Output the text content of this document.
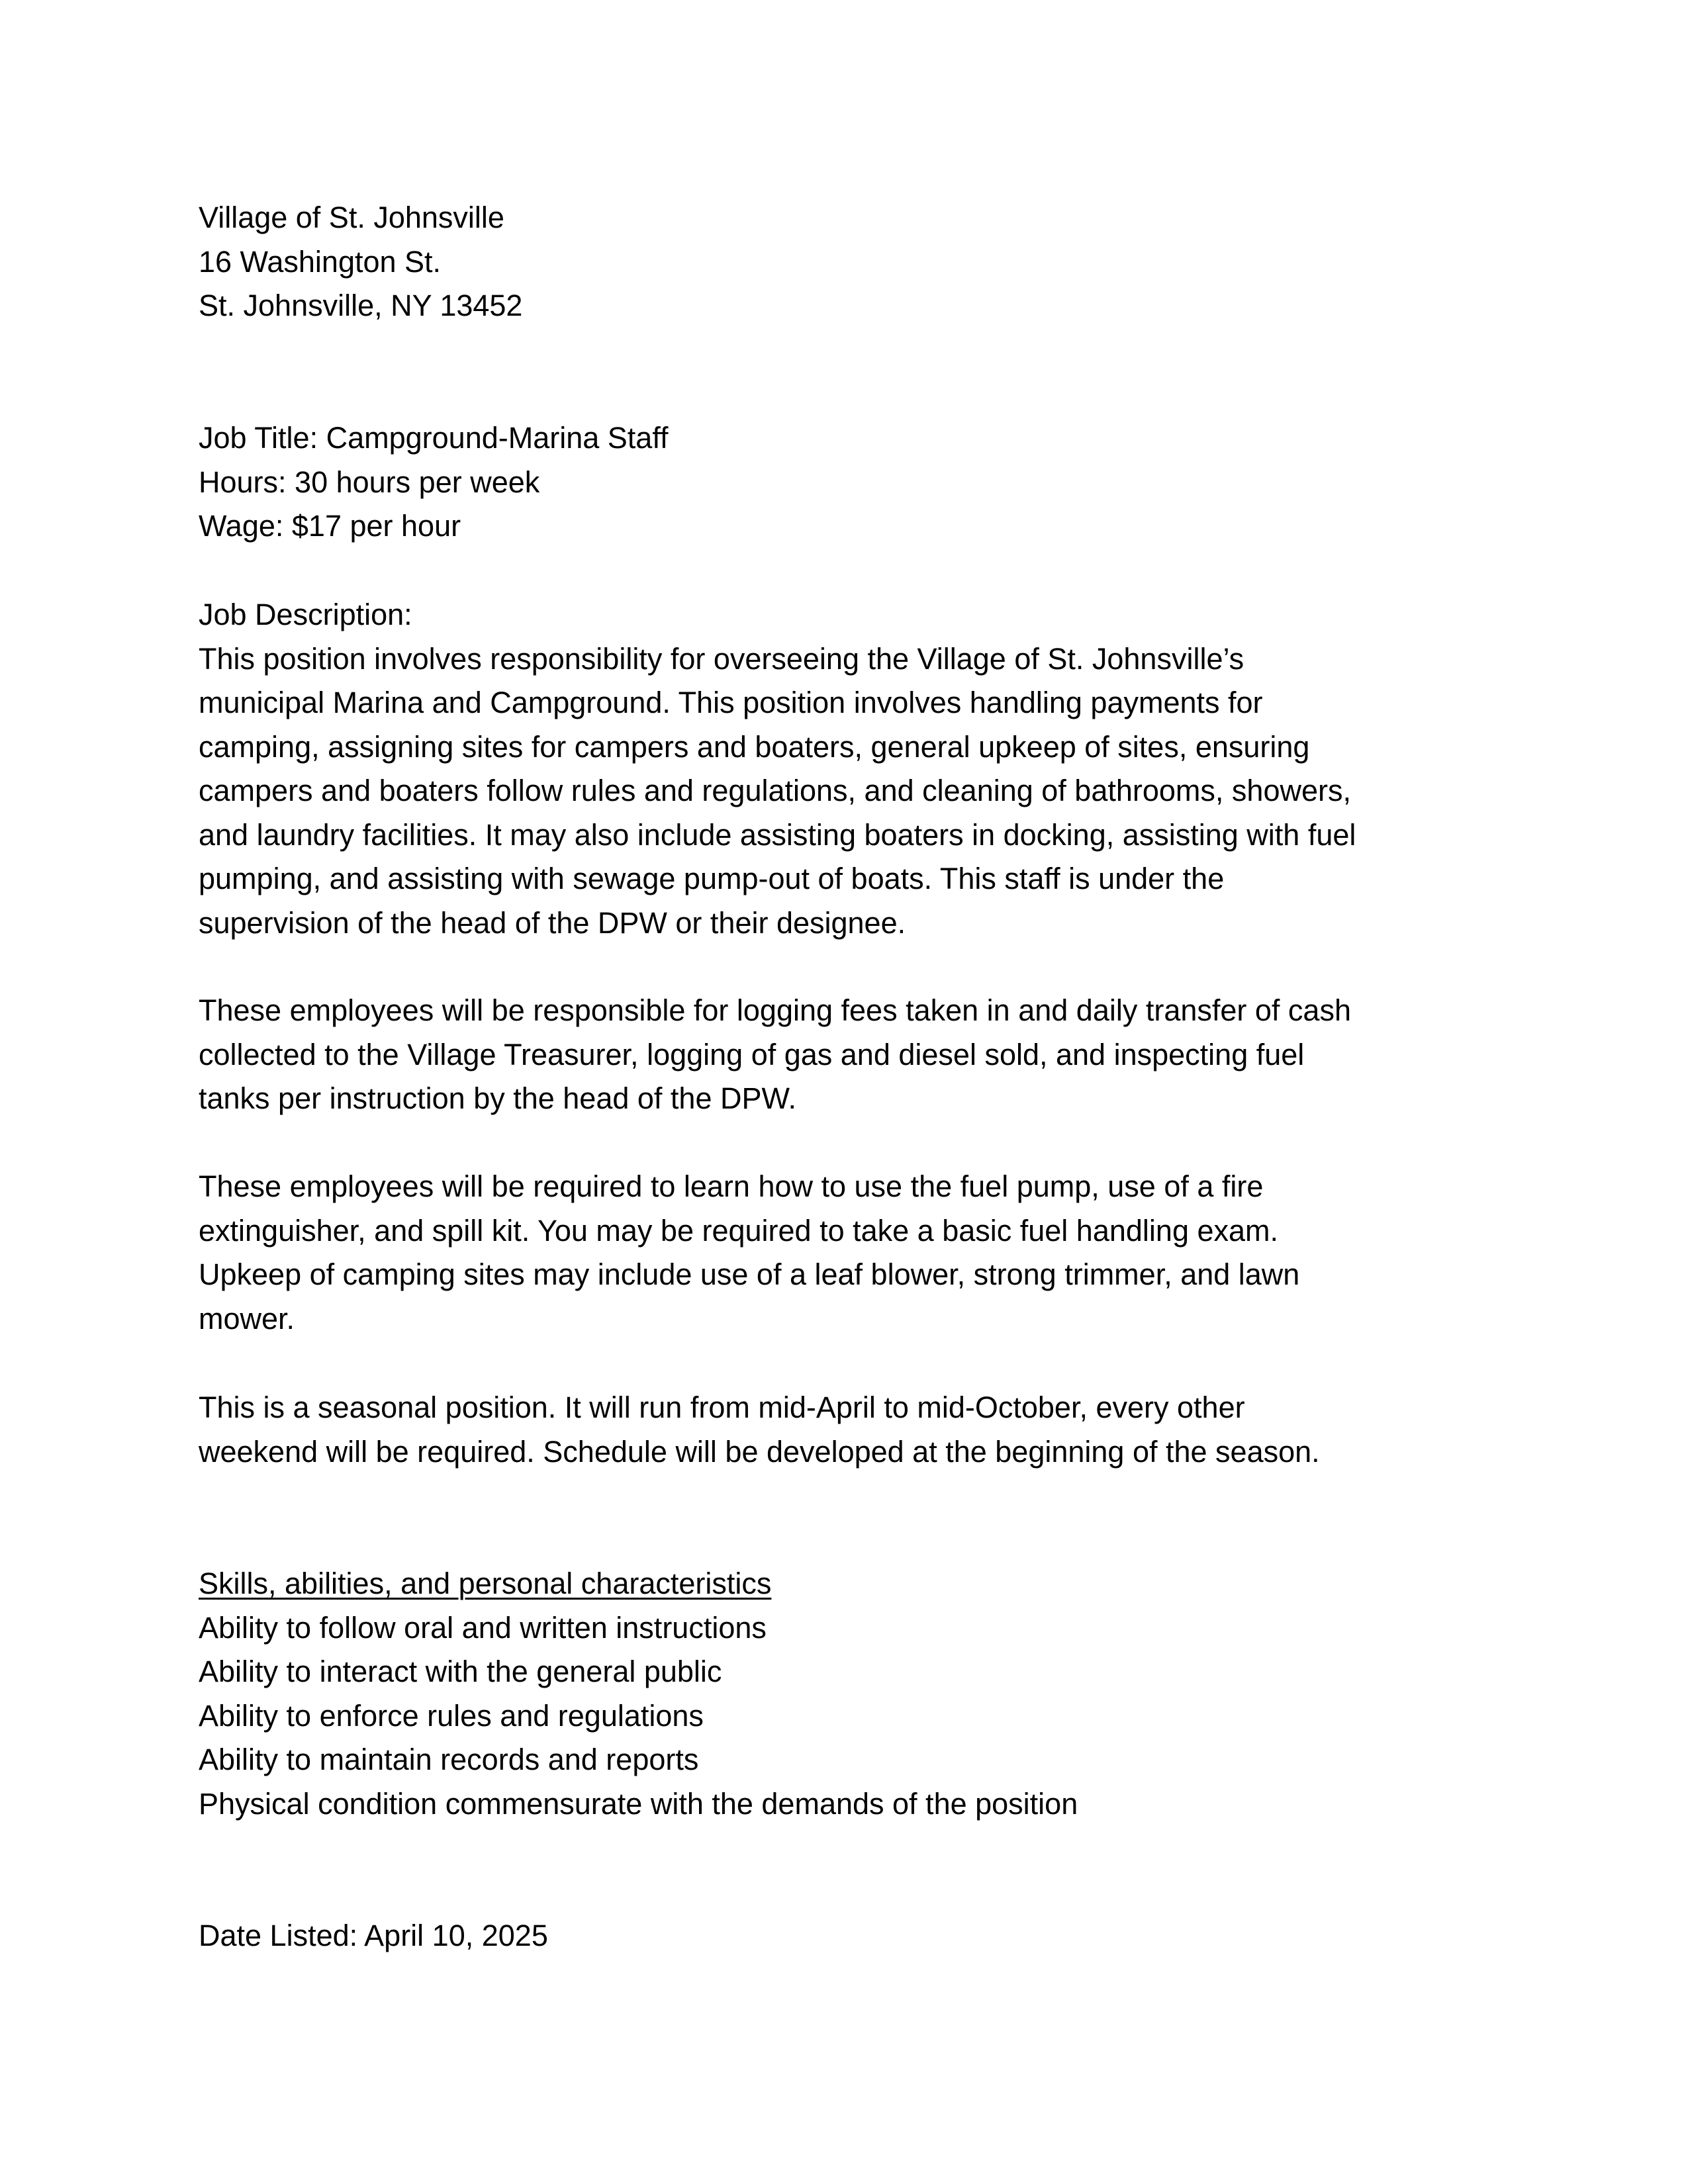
Village of St. Johnsville
16 Washington St.
St. Johnsville, NY 13452
Job Title: Campground-Marina Staff
Hours: 30 hours per week
Wage: $17 per hour
Job Description:
This position involves responsibility for overseeing the Village of St. Johnsville’s
municipal Marina and Campground. This position involves handling payments for
camping, assigning sites for campers and boaters, general upkeep of sites, ensuring
campers and boaters follow rules and regulations, and cleaning of bathrooms, showers,
and laundry facilities. It may also include assisting boaters in docking, assisting with fuel
pumping, and assisting with sewage pump-out of boats. This staff is under the
supervision of the head of the DPW or their designee.
These employees will be responsible for logging fees taken in and daily transfer of cash
collected to the Village Treasurer, logging of gas and diesel sold, and inspecting fuel
tanks per instruction by the head of the DPW.
These employees will be required to learn how to use the fuel pump, use of a fire
extinguisher, and spill kit. You may be required to take a basic fuel handling exam.
Upkeep of camping sites may include use of a leaf blower, strong trimmer, and lawn
mower.
This is a seasonal position. It will run from mid-April to mid-October, every other
weekend will be required. Schedule will be developed at the beginning of the season.
Skills, abilities, and personal characteristics
Ability to follow oral and written instructions
Ability to interact with the general public
Ability to enforce rules and regulations
Ability to maintain records and reports
Physical condition commensurate with the demands of the position
Date Listed: April 10, 2025
